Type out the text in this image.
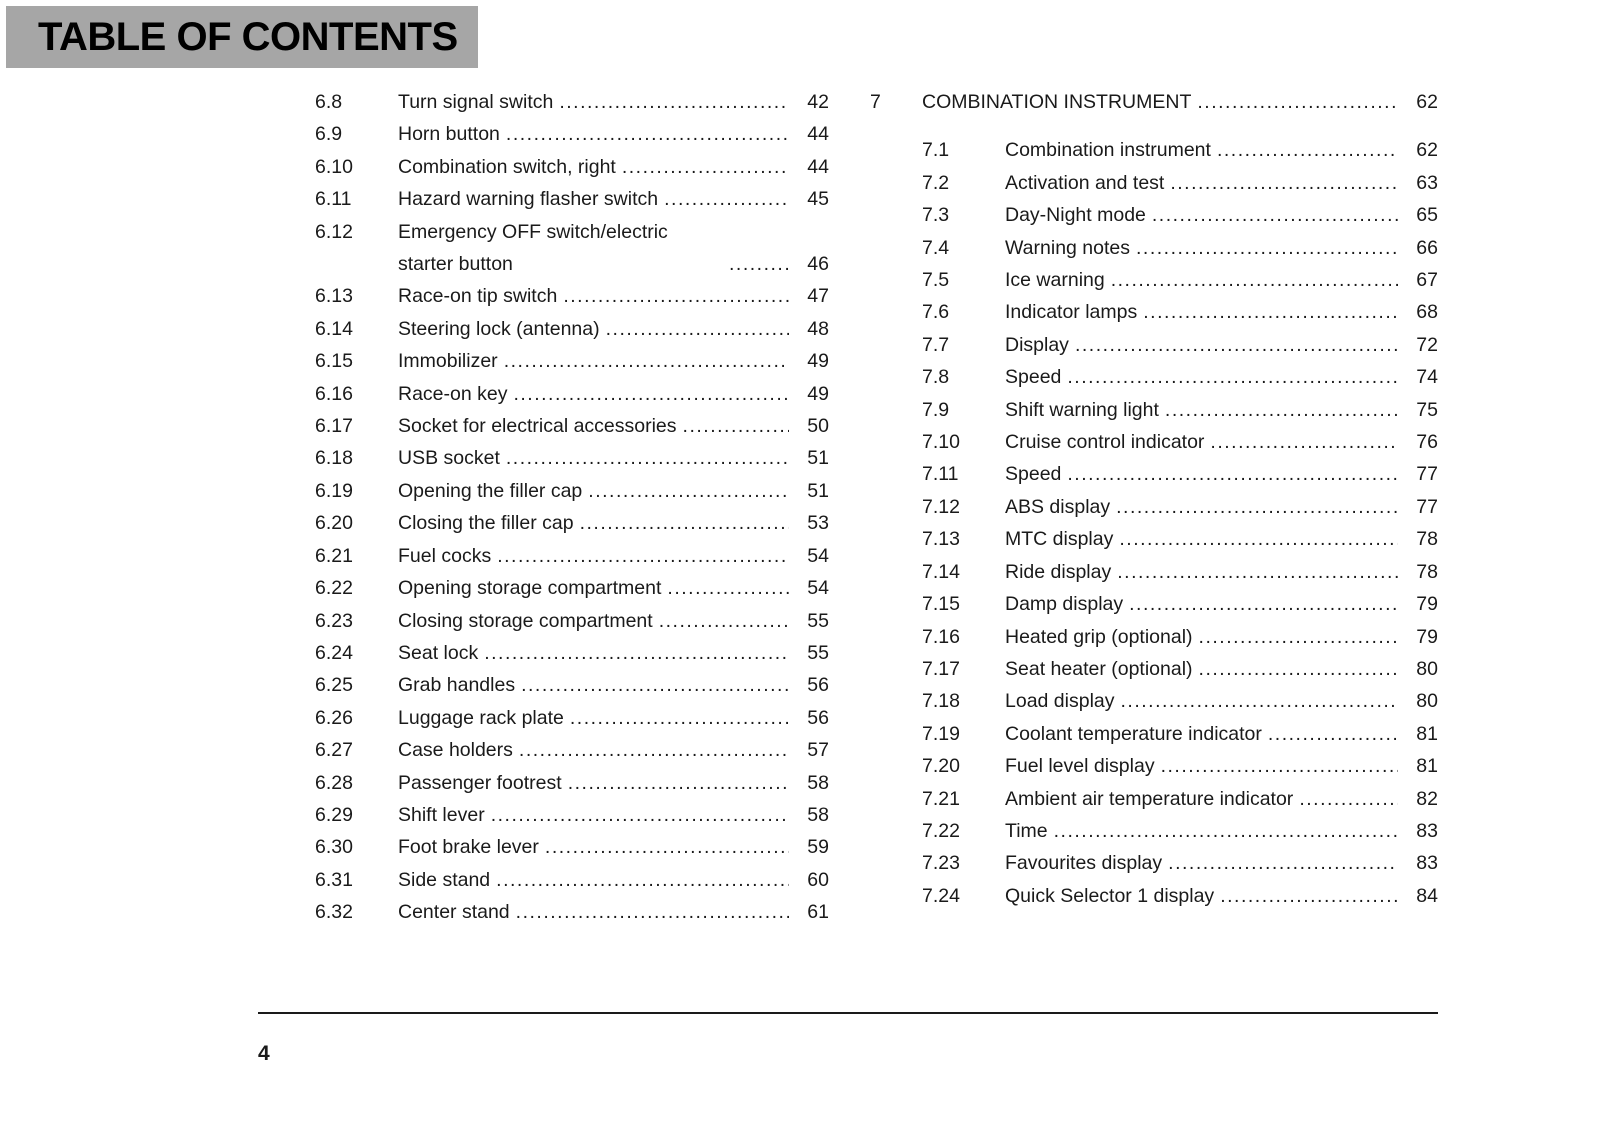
TABLE OF CONTENTS
6.8	Turn signal switch .....	42
6.9	Horn button .....	44
6.10	Combination switch, right .....	44
6.11	Hazard warning flasher switch .....	45
6.12	Emergency OFF switch/electric starter button .....	46
6.13	Race-on tip switch .....	47
6.14	Steering lock (antenna) .....	48
6.15	Immobilizer .....	49
6.16	Race-on key .....	49
6.17	Socket for electrical accessories .....	50
6.18	USB socket .....	51
6.19	Opening the filler cap .....	51
6.20	Closing the filler cap .....	53
6.21	Fuel cocks .....	54
6.22	Opening storage compartment .....	54
6.23	Closing storage compartment .....	55
6.24	Seat lock .....	55
6.25	Grab handles .....	56
6.26	Luggage rack plate .....	56
6.27	Case holders .....	57
6.28	Passenger footrest .....	58
6.29	Shift lever .....	58
6.30	Foot brake lever .....	59
6.31	Side stand .....	60
6.32	Center stand .....	61
7	COMBINATION INSTRUMENT .....	62
7.1	Combination instrument .....	62
7.2	Activation and test .....	63
7.3	Day-Night mode .....	65
7.4	Warning notes .....	66
7.5	Ice warning .....	67
7.6	Indicator lamps .....	68
7.7	Display .....	72
7.8	Speed .....	74
7.9	Shift warning light .....	75
7.10	Cruise control indicator .....	76
7.11	Speed .....	77
7.12	ABS display .....	77
7.13	MTC display .....	78
7.14	Ride display .....	78
7.15	Damp display .....	79
7.16	Heated grip (optional) .....	79
7.17	Seat heater (optional) .....	80
7.18	Load display .....	80
7.19	Coolant temperature indicator .....	81
7.20	Fuel level display .....	81
7.21	Ambient air temperature indicator .....	82
7.22	Time .....	83
7.23	Favourites display .....	83
7.24	Quick Selector 1 display .....	84
4
